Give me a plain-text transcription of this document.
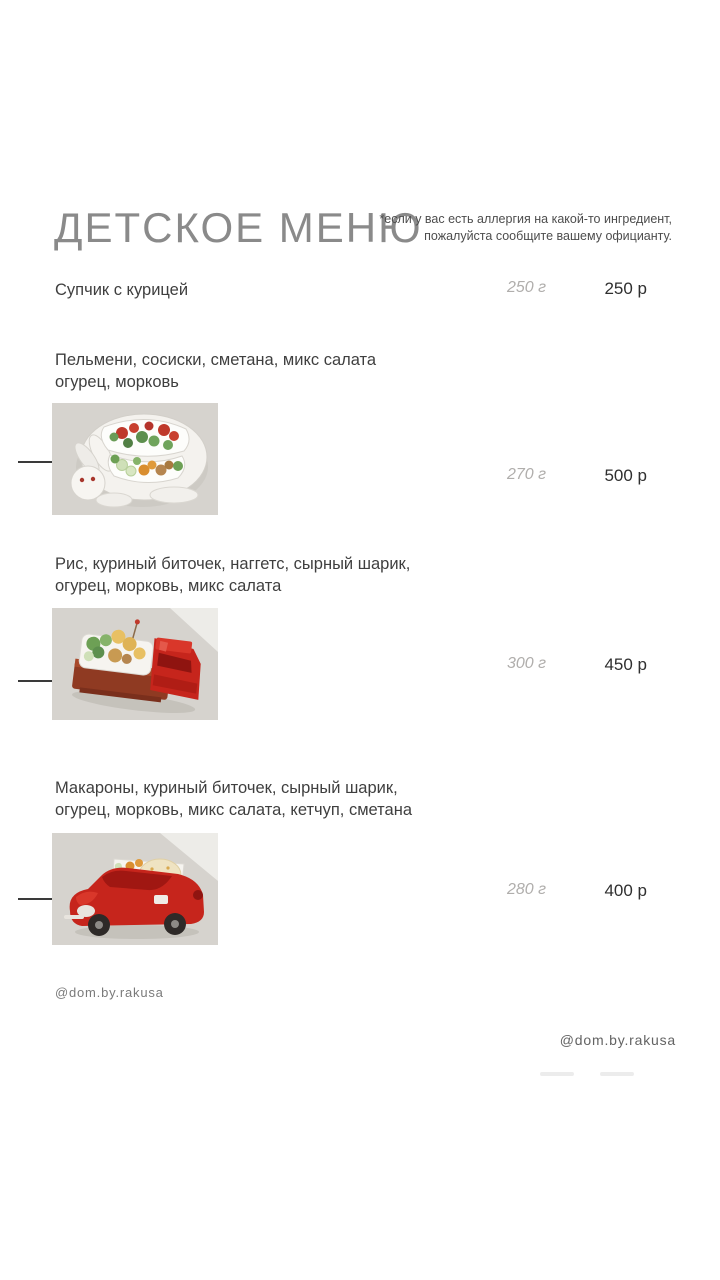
ДЕТСКОЕ МЕНЮ
*если у вас есть аллергия на какой-то ингредиент,
пожалуйста сообщите вашему официанту.
Супчик с курицей	250 г	250 р
Пельмени, сосиски, сметана, микс салата
огурец, морковь
270 г	500 р
Рис, куриный биточек, наггетс, сырный шарик,
огурец, морковь, микс салата
300 г	450 р
Макароны, куриный биточек, сырный шарик,
огурец, морковь, микс салата, кетчуп, сметана
280 г	400 р
@dom.by.rakusa
@dom.by.rakusa
